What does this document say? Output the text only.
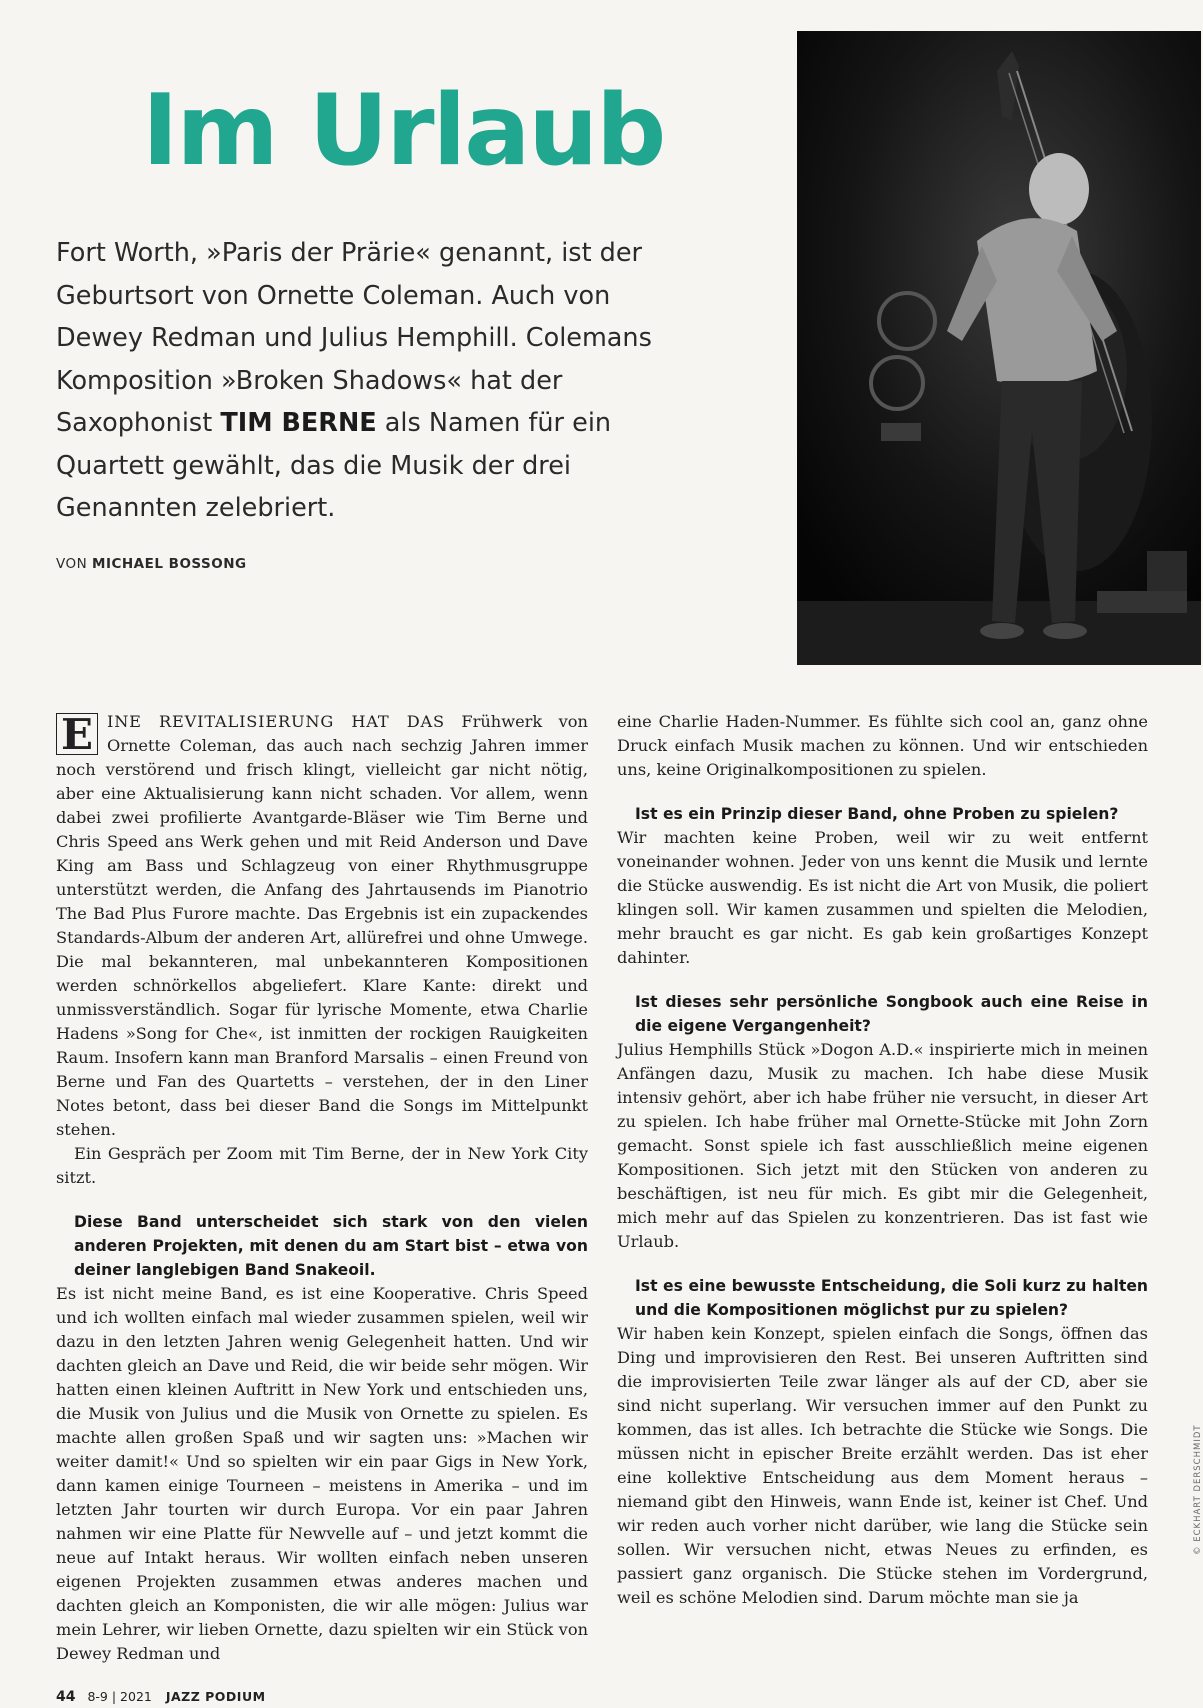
Im Urlaub

Fort Worth, »Paris der Prärie« genannt, ist der Geburtsort von Ornette Coleman. Auch von Dewey Redman und Julius Hemphill. Colemans Komposition »Broken Shadows« hat der Saxophonist TIM BERNE als Namen für ein Quartett gewählt, das die Musik der drei Genannten zelebriert.

VON MICHAEL BOSSONG

E INE REVITALISIERUNG HAT DAS Frühwerk von Ornette Coleman, das auch nach sechzig Jahren immer noch verstörend und frisch klingt, vielleicht gar nicht nötig, aber eine Aktualisierung kann nicht schaden. Vor allem, wenn dabei zwei profilierte Avantgarde-Bläser wie Tim Berne und Chris Speed ans Werk gehen und mit Reid Anderson und Dave King am Bass und Schlagzeug von einer Rhythmusgruppe unterstützt werden, die Anfang des Jahrtausends im Pianotrio The Bad Plus Furore machte. Das Ergebnis ist ein zupackendes Standards-Album der anderen Art, allürefrei und ohne Umwege. Die mal bekannteren, mal unbekannteren Kompositionen werden schnörkellos abgeliefert. Klare Kante: direkt und unmissverständlich. Sogar für lyrische Momente, etwa Charlie Hadens »Song for Che«, ist inmitten der rockigen Rauigkeiten Raum. Insofern kann man Branford Marsalis – einen Freund von Berne und Fan des Quartetts – verstehen, der in den Liner Notes betont, dass bei dieser Band die Songs im Mittelpunkt stehen.

Ein Gespräch per Zoom mit Tim Berne, der in New York City sitzt.

Diese Band unterscheidet sich stark von den vielen anderen Projekten, mit denen du am Start bist – etwa von deiner langlebigen Band Snakeoil.

Es ist nicht meine Band, es ist eine Kooperative. Chris Speed und ich wollten einfach mal wieder zusammen spielen, weil wir dazu in den letzten Jahren wenig Gelegenheit hatten. Und wir dachten gleich an Dave und Reid, die wir beide sehr mögen. Wir hatten einen kleinen Auftritt in New York und entschieden uns, die Musik von Julius und die Musik von Ornette zu spielen. Es machte allen großen Spaß und wir sagten uns: »Machen wir weiter damit!« Und so spielten wir ein paar Gigs in New York, dann kamen einige Tourneen – meistens in Amerika – und im letzten Jahr tourten wir durch Europa. Vor ein paar Jahren nahmen wir eine Platte für Newvelle auf – und jetzt kommt die neue auf Intakt heraus. Wir wollten einfach neben unseren eigenen Projekten zusammen etwas anderes machen und dachten gleich an Komponisten, die wir alle mögen: Julius war mein Lehrer, wir lieben Ornette, dazu spielten wir ein Stück von Dewey Redman und

eine Charlie Haden-Nummer. Es fühlte sich cool an, ganz ohne Druck einfach Musik machen zu können. Und wir entschieden uns, keine Originalkompositionen zu spielen.

Ist es ein Prinzip dieser Band, ohne Proben zu spielen?

Wir machten keine Proben, weil wir zu weit entfernt voneinander wohnen. Jeder von uns kennt die Musik und lernte die Stücke auswendig. Es ist nicht die Art von Musik, die poliert klingen soll. Wir kamen zusammen und spielten die Melodien, mehr braucht es gar nicht. Es gab kein großartiges Konzept dahinter.

Ist dieses sehr persönliche Songbook auch eine Reise in die eigene Vergangenheit?

Julius Hemphills Stück »Dogon A.D.« inspirierte mich in meinen Anfängen dazu, Musik zu machen. Ich habe diese Musik intensiv gehört, aber ich habe früher nie versucht, in dieser Art zu spielen. Ich habe früher mal Ornette-Stücke mit John Zorn gemacht. Sonst spiele ich fast ausschließlich meine eigenen Kompositionen. Sich jetzt mit den Stücken von anderen zu beschäftigen, ist neu für mich. Es gibt mir die Gelegenheit, mich mehr auf das Spielen zu konzentrieren. Das ist fast wie Urlaub.

Ist es eine bewusste Entscheidung, die Soli kurz zu halten und die Kompositionen möglichst pur zu spielen?

Wir haben kein Konzept, spielen einfach die Songs, öffnen das Ding und improvisieren den Rest. Bei unseren Auftritten sind die improvisierten Teile zwar länger als auf der CD, aber sie sind nicht superlang. Wir versuchen immer auf den Punkt zu kommen, das ist alles. Ich betrachte die Stücke wie Songs. Die müssen nicht in epischer Breite erzählt werden. Das ist eher eine kollektive Entscheidung aus dem Moment heraus – niemand gibt den Hinweis, wann Ende ist, keiner ist Chef. Und wir reden auch vorher nicht darüber, wie lang die Stücke sein sollen. Wir versuchen nicht, etwas Neues zu erfinden, es passiert ganz organisch. Die Stücke stehen im Vordergrund, weil es schöne Melodien sind. Darum möchte man sie ja

© ECKHART DERSCHMIDT
44 8-9 | 2021 JAZZ PODIUM
